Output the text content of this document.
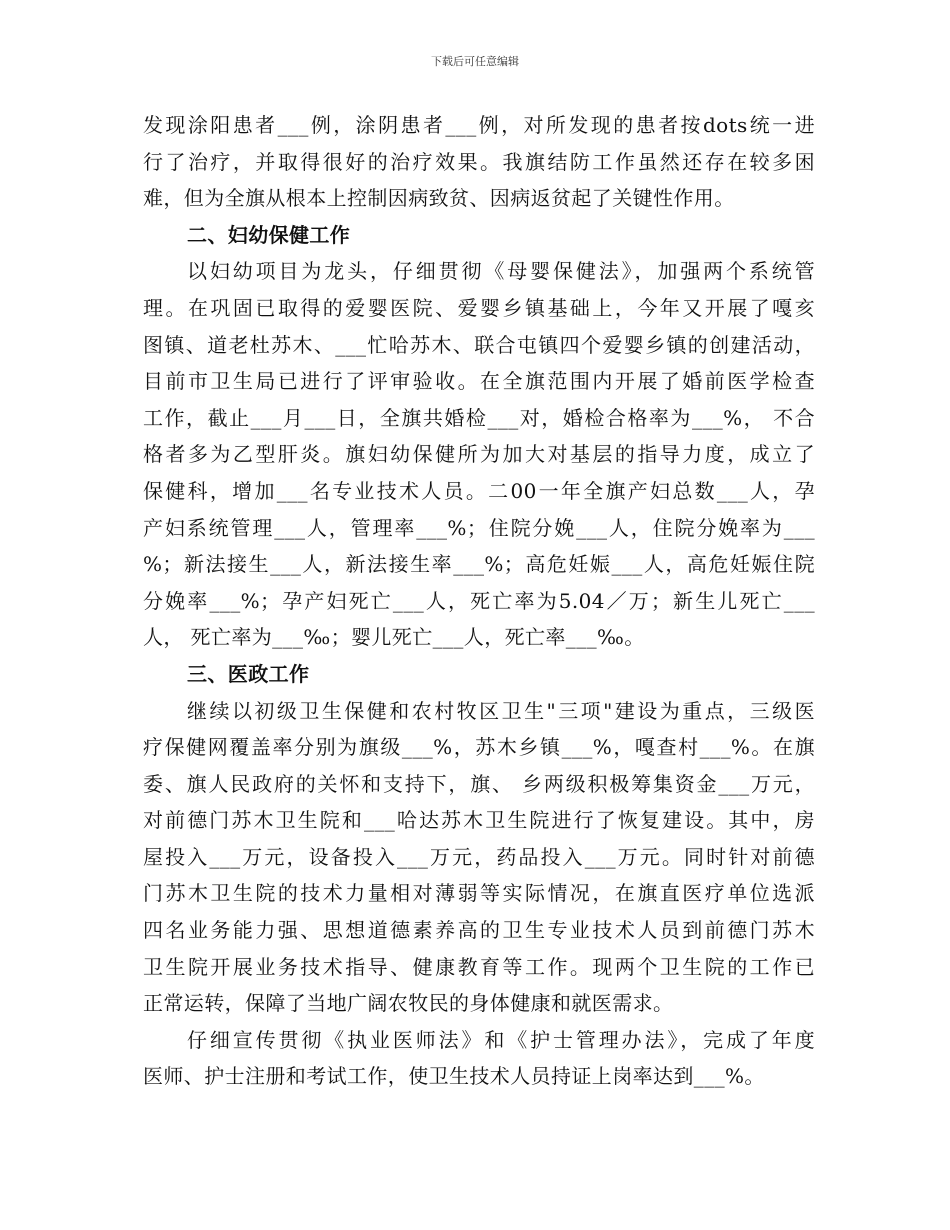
下载后可任意编辑
发现涂阳患者___例，涂阴患者___例，对所发现的患者按dots统一进
行了治疗，并取得很好的治疗效果。我旗结防工作虽然还存在较多困
难，但为全旗从根本上控制因病致贫、因病返贫起了关键性作用。
二、妇幼保健工作
以妇幼项目为龙头，仔细贯彻《母婴保健法》，加强两个系统管
理。在巩固已取得的爱婴医院、爱婴乡镇基础上，今年又开展了嘎亥
图镇、道老杜苏木、___忙哈苏木、联合屯镇四个爱婴乡镇的创建活动，
目前市卫生局已进行了评审验收。在全旗范围内开展了婚前医学检查
工作，截止___月___日，全旗共婚检___对，婚检合格率为___%， 不合
格者多为乙型肝炎。旗妇幼保健所为加大对基层的指导力度，成立了
保健科，增加___名专业技术人员。二00一年全旗产妇总数___人，孕
产妇系统管理___人，管理率___%；住院分娩___人，住院分娩率为___
%；新法接生___人，新法接生率___%；高危妊娠___人，高危妊娠住院
分娩率___%；孕产妇死亡___人，死亡率为5.04／万；新生儿死亡___
人， 死亡率为___‰；婴儿死亡___人，死亡率___‰。
三、医政工作
继续以初级卫生保健和农村牧区卫生"三项"建设为重点，三级医
疗保健网覆盖率分别为旗级___%，苏木乡镇___%，嘎查村___%。在旗
委、旗人民政府的关怀和支持下，旗、 乡两级积极筹集资金___万元，
对前德门苏木卫生院和___哈达苏木卫生院进行了恢复建设。其中，房
屋投入___万元，设备投入___万元，药品投入___万元。同时针对前德
门苏木卫生院的技术力量相对薄弱等实际情况，在旗直医疗单位选派
四名业务能力强、思想道德素养高的卫生专业技术人员到前德门苏木
卫生院开展业务技术指导、健康教育等工作。现两个卫生院的工作已
正常运转，保障了当地广阔农牧民的身体健康和就医需求。
仔细宣传贯彻《执业医师法》和《护士管理办法》，完成了年度
医师、护士注册和考试工作，使卫生技术人员持证上岗率达到___%。
